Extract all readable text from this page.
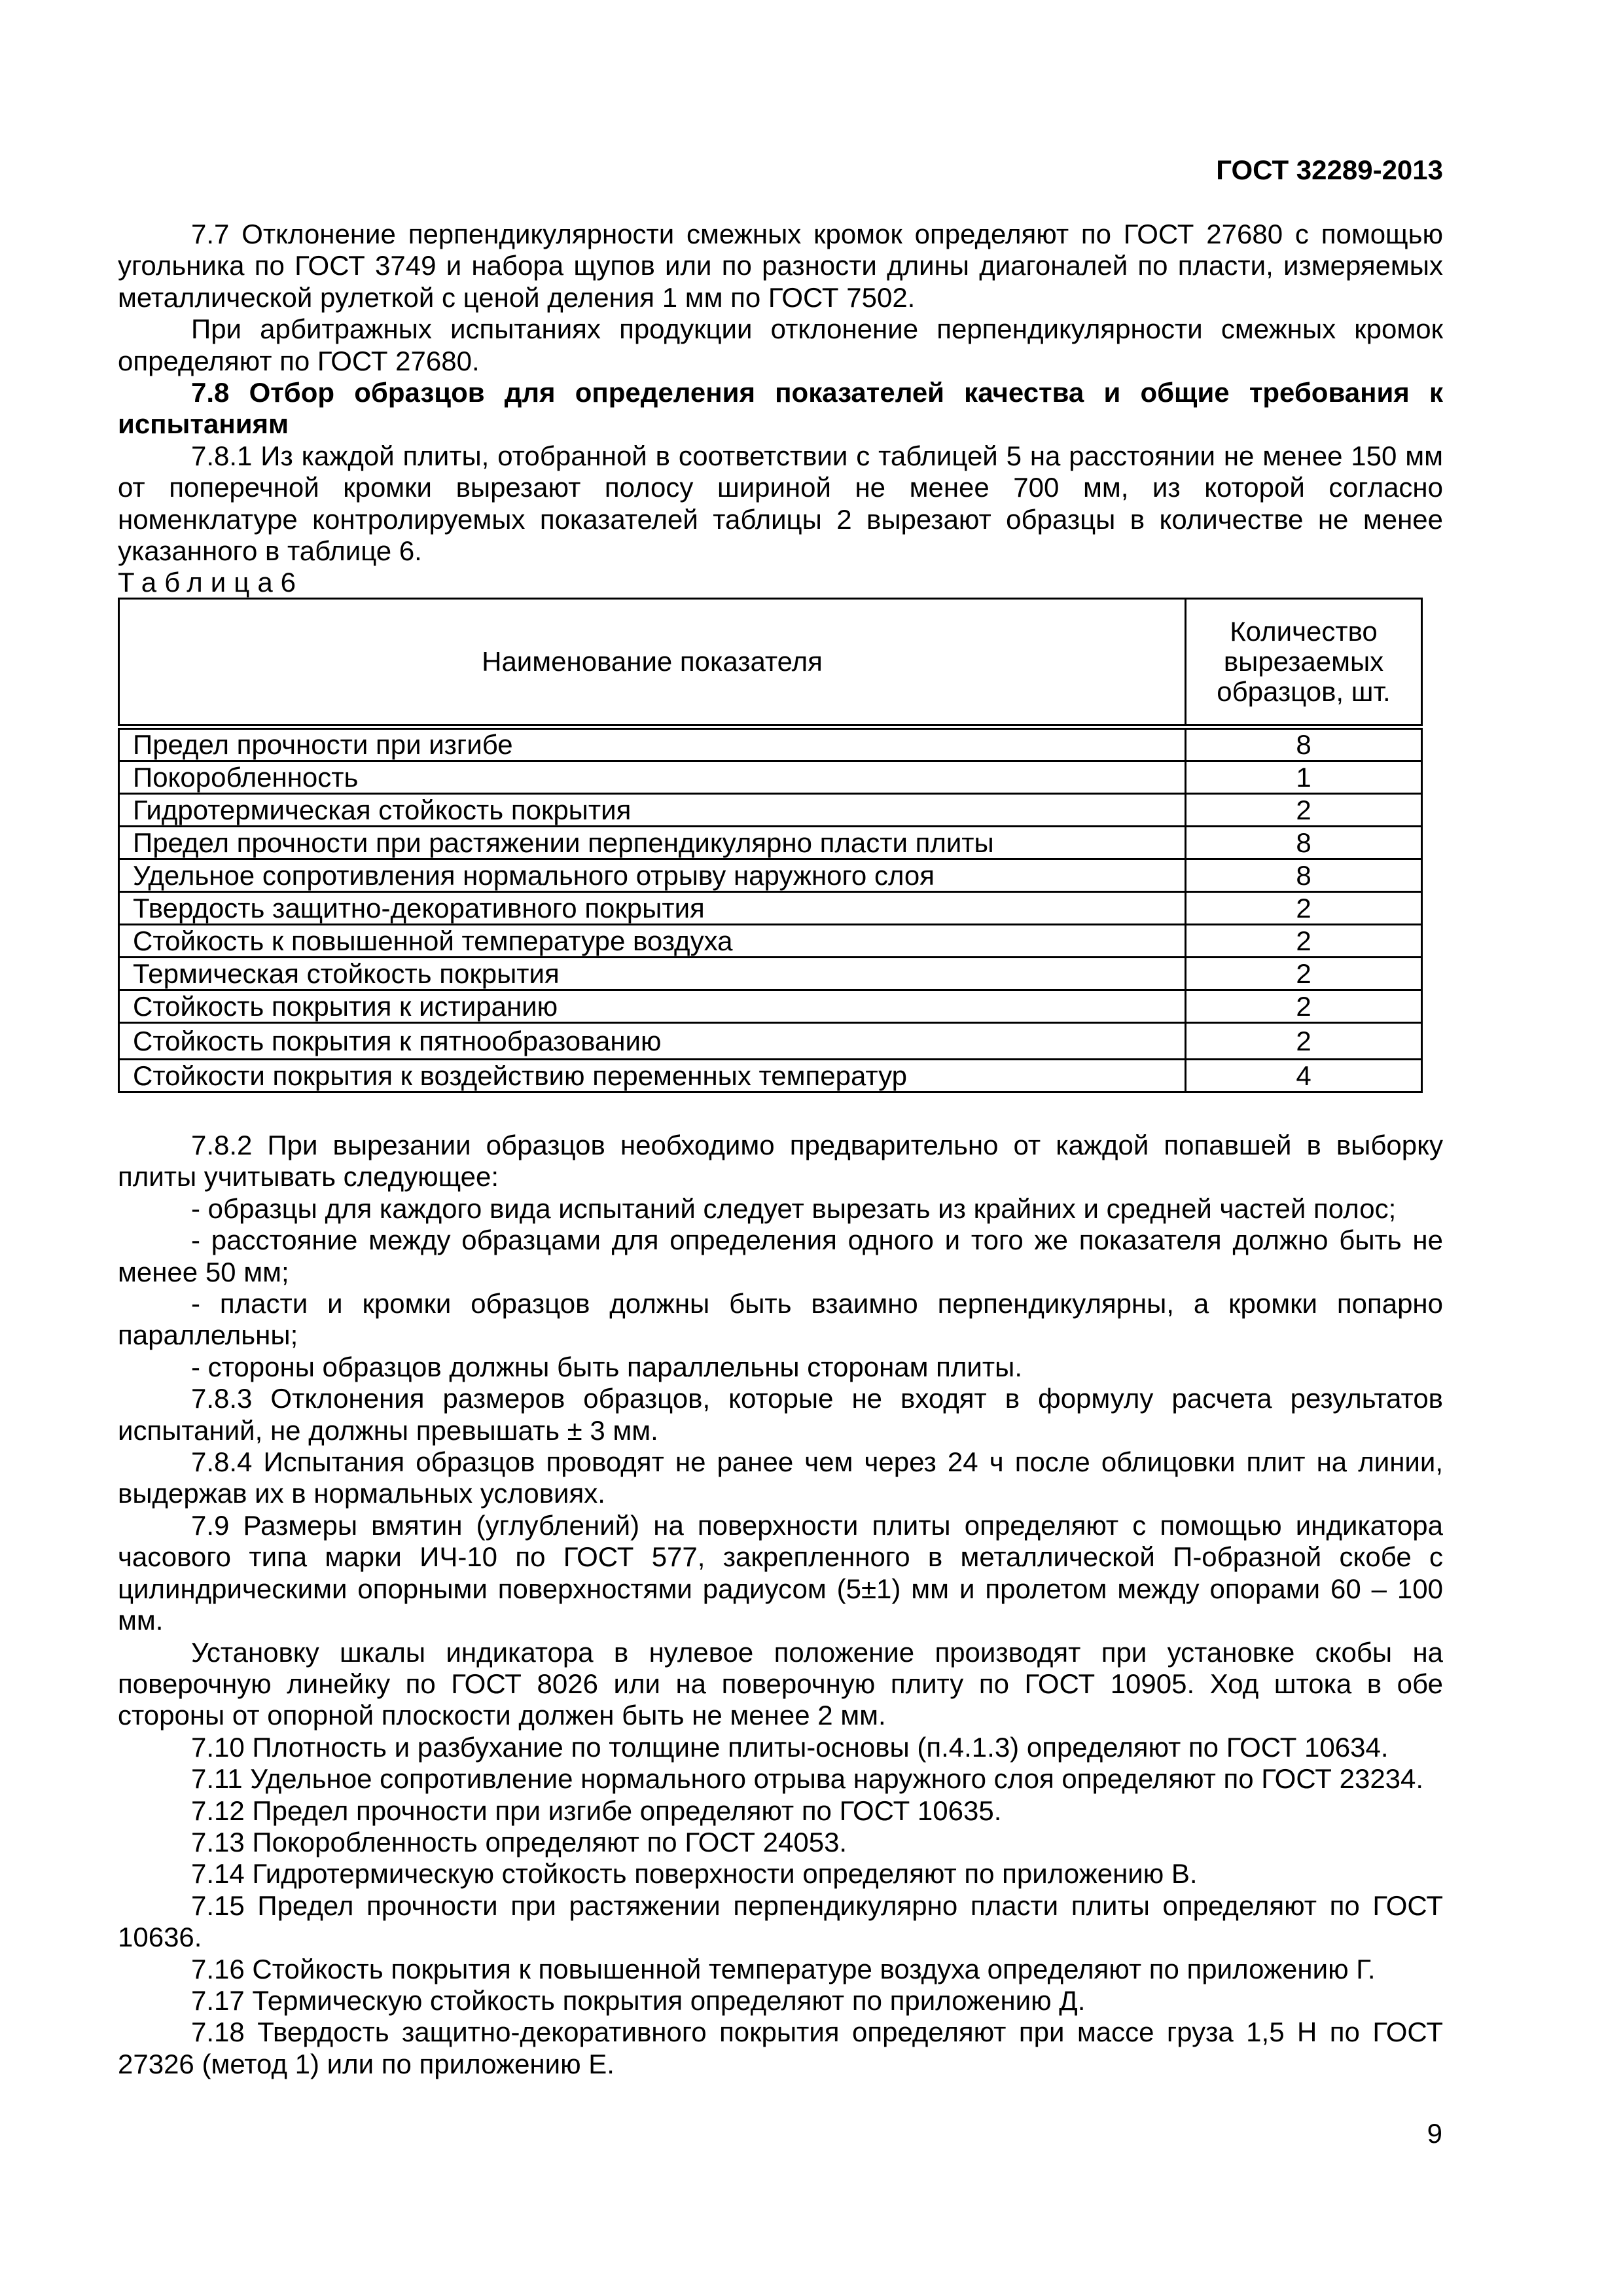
ГОСТ 32289-2013
7.7 Отклонение перпендикулярности смежных кромок определяют по ГОСТ 27680 с помощью
угольника по ГОСТ 3749 и набора щупов или по разности длины диагоналей по пласти, измеряемых
металлической рулеткой с ценой деления 1 мм по ГОСТ 7502.
При арбитражных испытаниях продукции отклонение перпендикулярности смежных кромок
определяют по ГОСТ 27680.
7.8 Отбор образцов для определения показателей качества и общие требования к
испытаниям
7.8.1 Из каждой плиты, отобранной в соответствии с таблицей 5 на расстоянии не менее 150 мм
от поперечной кромки вырезают полосу шириной не менее 700 мм, из которой согласно
номенклатуре контролируемых показателей таблицы 2 вырезают образцы в количестве не менее
указанного в таблице 6.
Таблица6
Наименование показателя	Количество вырезаемых образцов, шт.
Предел прочности при изгибе	8
Покоробленность	1
Гидротермическая стойкость покрытия	2
Предел прочности при растяжении перпендикулярно пласти плиты	8
Удельное сопротивления нормального отрыву наружного слоя	8
Твердость защитно-декоративного покрытия	2
Стойкость к повышенной температуре воздуха	2
Термическая стойкость покрытия	2
Стойкость покрытия к истиранию	2
Стойкость покрытия к пятнообразованию	2
Стойкости покрытия к воздействию переменных температур	4
7.8.2 При вырезании образцов необходимо предварительно от каждой попавшей в выборку
плиты учитывать следующее:
- образцы для каждого вида испытаний следует вырезать из крайних и средней частей полос;
- расстояние между образцами для определения одного и того же показателя должно быть не
менее 50 мм;
- пласти и кромки образцов должны быть взаимно перпендикулярны, а кромки попарно
параллельны;
- стороны образцов должны быть параллельны сторонам плиты.
7.8.3 Отклонения размеров образцов, которые не входят в формулу расчета результатов
испытаний, не должны превышать ± 3 мм.
7.8.4 Испытания образцов проводят не ранее чем через 24 ч после облицовки плит на линии,
выдержав их в нормальных условиях.
7.9 Размеры вмятин (углублений) на поверхности плиты определяют с помощью индикатора
часового типа марки ИЧ-10 по ГОСТ 577, закрепленного в металлической П-образной скобе с
цилиндрическими опорными поверхностями радиусом (5±1) мм и пролетом между опорами 60 – 100
мм.
Установку шкалы индикатора в нулевое положение производят при установке скобы на
поверочную линейку по ГОСТ 8026 или на поверочную плиту по ГОСТ 10905. Ход штока в обе
стороны от опорной плоскости должен быть не менее 2 мм.
7.10 Плотность и разбухание по толщине плиты-основы (п.4.1.3) определяют по ГОСТ 10634.
7.11 Удельное сопротивление нормального отрыва наружного слоя определяют по ГОСТ 23234.
7.12 Предел прочности при изгибе определяют по ГОСТ 10635.
7.13 Покоробленность определяют по ГОСТ 24053.
7.14 Гидротермическую стойкость поверхности определяют по приложению В.
7.15 Предел прочности при растяжении перпендикулярно пласти плиты определяют по ГОСТ
10636.
7.16 Стойкость покрытия к повышенной температуре воздуха определяют по приложению Г.
7.17 Термическую стойкость покрытия определяют по приложению Д.
7.18 Твердость защитно-декоративного покрытия определяют при массе груза 1,5 Н по ГОСТ
27326 (метод 1) или по приложению Е.
9
